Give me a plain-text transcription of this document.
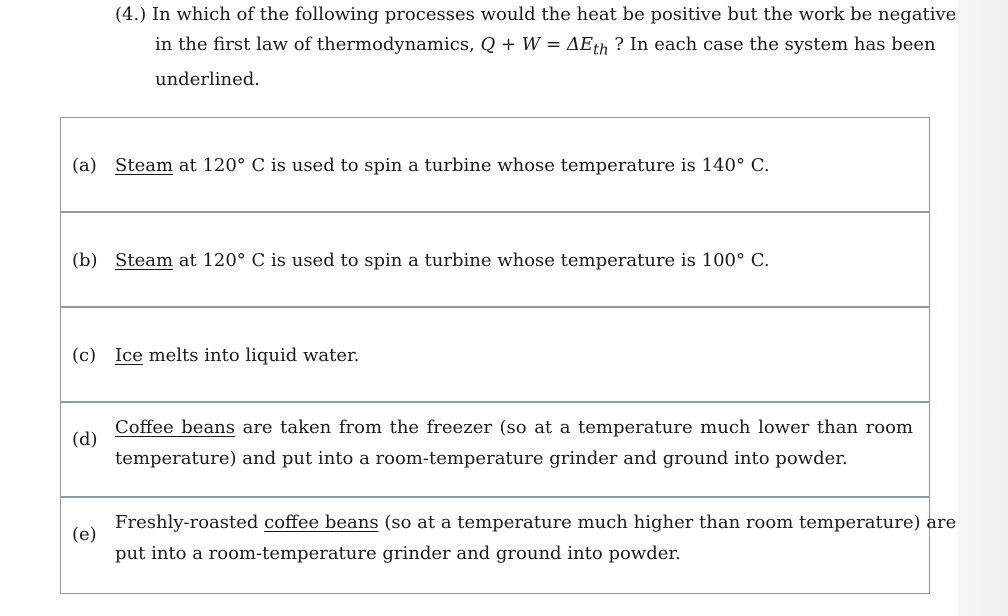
(4.) In which of the following processes would the heat be positive but the work be negative
in the first law of thermodynamics, $Q + W = \Delta E_{th}$ ? In each case the system has been
underlined.
(a) Steam at 120° C is used to spin a turbine whose temperature is 140° C.
(b) Steam at 120° C is used to spin a turbine whose temperature is 100° C.
(c) Ice melts into liquid water.
(d)
Coffee beans are taken from the freezer (so at a temperature much lower than room
temperature) and put into a room-temperature grinder and ground into powder.
(e)
Freshly-roasted coffee beans (so at a temperature much higher than room temperature) are
put into a room-temperature grinder and ground into powder.
